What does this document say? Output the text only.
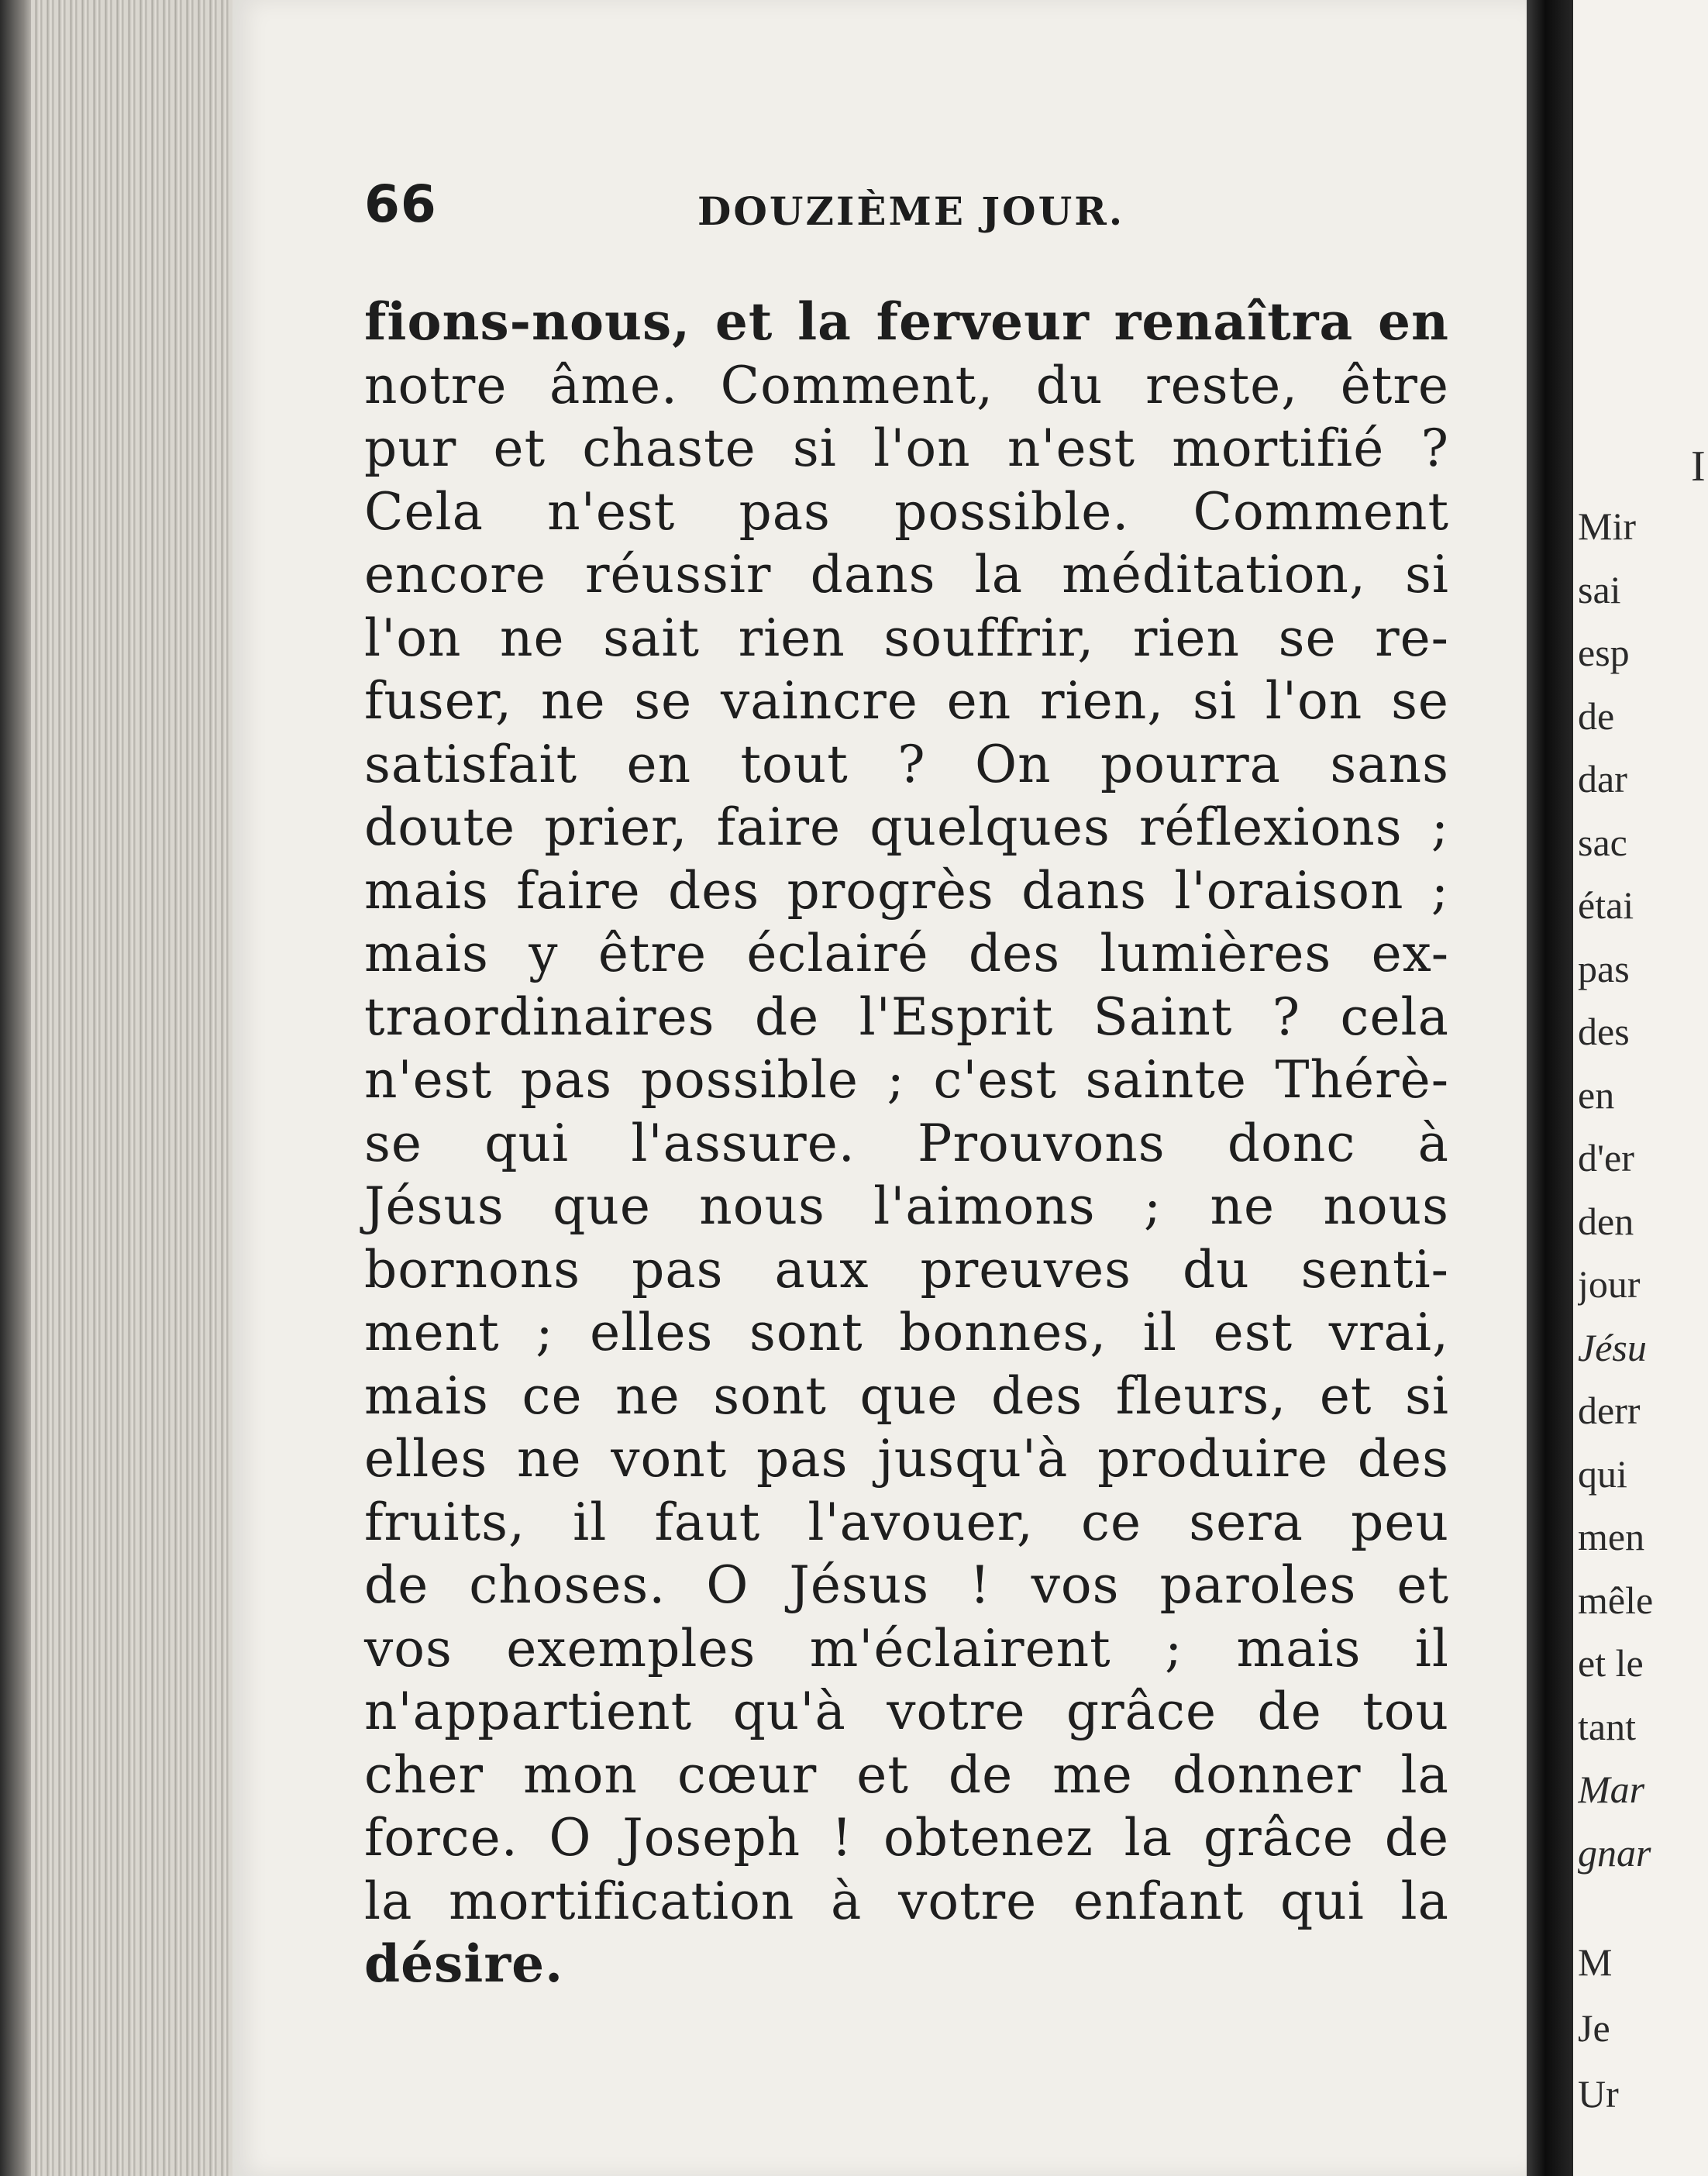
66	DOUZIÈME JOUR.
fions-nous, et la ferveur renaîtra en
notre âme. Comment, du reste, être
pur et chaste si l'on n'est mortifié ?
Cela n'est pas possible. Comment
encore réussir dans la méditation, si
l'on ne sait rien souffrir, rien se re-
fuser, ne se vaincre en rien, si l'on se
satisfait en tout ? On pourra sans
doute prier, faire quelques réflexions ;
mais faire des progrès dans l'oraison ;
mais y être éclairé des lumières ex-
traordinaires de l'Esprit Saint ? cela
n'est pas possible ; c'est sainte Thérè-
se qui l'assure. Prouvons donc à
Jésus que nous l'aimons ; ne nous
bornons pas aux preuves du senti-
ment ; elles sont bonnes, il est vrai,
mais ce ne sont que des fleurs, et si
elles ne vont pas jusqu'à produire des
fruits, il faut l'avouer, ce sera peu
de choses. O Jésus ! vos paroles et
vos exemples m'éclairent ; mais il
n'appartient qu'à votre grâce de tou
cher mon cœur et de me donner la
force. O Joseph ! obtenez la grâce de
la mortification à votre enfant qui la
désire.
I
Mir
sai
esp
de
dar
sac
étai
pas
des
en
d'er
den
jour
Jésu
derr
qui
men
mêle
et le
tant
Mar
gnar
M
Je
Ur
